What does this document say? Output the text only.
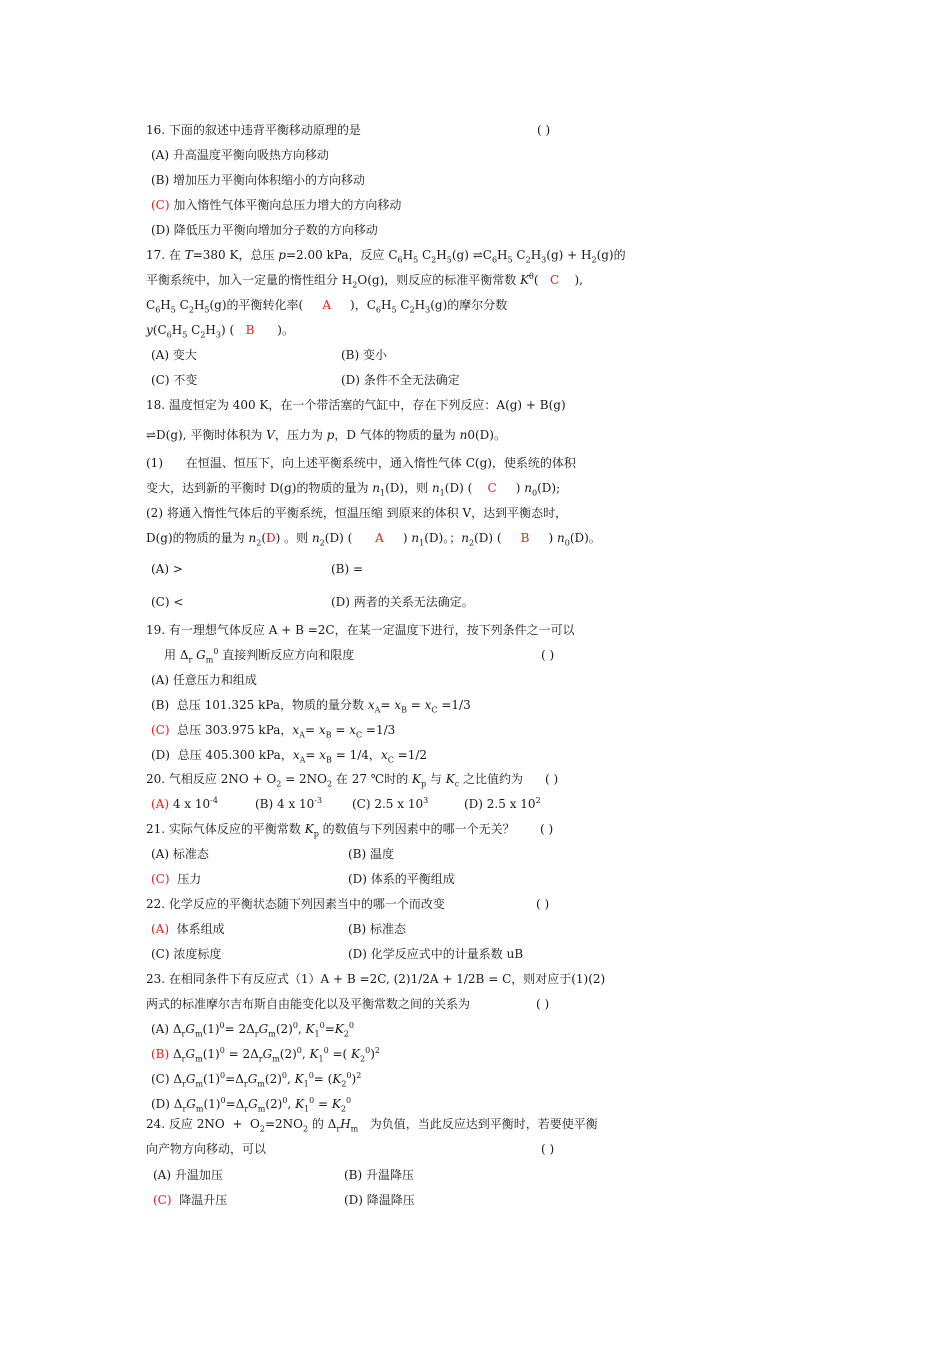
16. 下面的叙述中违背平衡移动原理的是	( )
(A) 升高温度平衡向吸热方向移动
(B) 增加压力平衡向体积缩小的方向移动
(C) 加入惰性气体平衡向总压力增大的方向移动
(D) 降低压力平衡向增加分子数的方向移动
17. 在 T=380 K，总压 p=2.00 kPa，反应 $C_6H_5$ $C_2H_5(g)$ $\rightleftharpoons C_6H_5$ $C_2H_3(g) + H_2(g)$的
平衡系统中，加入一定量的惰性组分 $H_2O(g)$，则反应的标准平衡常数 $K^\theta$(   C    ),
$C_6H_5$ $C_2H_5(g)$的平衡转化率(     A     )，$C_6H_5$ $C_2H_3(g)$的摩尔分数
$y(C_6H_5$ $C_2H_3$) (   B      )。
(A) 变大	(B) 变小
(C) 不变	(D) 条件不全无法确定
18. 温度恒定为 400 K，在一个带活塞的气缸中，存在下列反应：A(g) + B(g)
⇌D(g), 平衡时体积为 V，压力为 p，D 气体的物质的量为 n0(D)。
(1)      在恒温、恒压下，向上述平衡系统中，通入惰性气体 C(g)，使系统的体积
变大，达到新的平衡时 D(g)的物质的量为 $n_1(D)$，则 $n_1(D)$ (    C     ) $n_0(D)$;
(2) 将通入惰性气体后的平衡系统，恒温压缩 到原来的体积 V，达到平衡态时，
D(g)的物质的量为 $n_2(D)$ 。则 $n_2(D)$ (      A     ) $n_1(D)$。；$n_2(D)$ (     B     ) $n_0(D)$。
(A) >	(B) =
(C) <	(D) 两者的关系无法确定。
19. 有一理想气体反应 A + B =2C，在某一定温度下进行，按下列条件之一可以
用 $\Delta_r$ $G_m^0$ 直接判断反应方向和限度	( )
(A) 任意压力和组成
(B)  总压 101.325 kPa，物质的量分数 $x_A= x_B = x_C =1/3$
(C)  总压 303.975 kPa，$x_A= x_B = x_C =1/3$
(D)  总压 405.300 kPa，$x_A= x_B = 1/4$，$x_C =1/2$
20. 气相反应 $2NO + O_2 = 2NO_2$ 在 27 ℃时的 $K_p$ 与 $K_c$ 之比值约为 ( )
(A) 4 x $10^{-4}$	(B) 4 x $10^{-3}$ (C) 2.5 x $10^3$	(D) 2.5 x $10^2$
21. 实际气体反应的平衡常数 $K_p$ 的数值与下列因素中的哪一个无关？ ( )
(A) 标准态	(B) 温度
(C) 压力	(D) 体系的平衡组成
22. 化学反应的平衡状态随下列因素当中的哪一个而改变	( )
(A) 体系组成	(B) 标准态
(C) 浓度标度	(D) 化学反应式中的计量系数 uB
23. 在相同条件下有反应式（1）A + B =2C, (2)1/2A + 1/2B = C，则对应于(1)(2)
两式的标准摩尔吉布斯自由能变化以及平衡常数之间的关系为	( )
(A) $\Delta_rG_m(1)^0= 2\Delta_rG_m(2)^0$, $K_1^0=K_2^0$
(B) $\Delta_rG_m(1)^0 = 2\Delta_rG_m(2)^0$, $K_1^0$ =( $K_2^0)^2$
(C) $\Delta_rG_m(1)^0=\Delta_rG_m(2)^0$, $K_1^0= (K_2^0)^2$
(D) $\Delta_rG_m(1)^0=\Delta_rG_m(2)^0$, $K_1^0 = K_2^0$
24. 反应 $2NO + O_2=2NO_2$ 的 $\Delta_rH_m$   为负值，当此反应达到平衡时，若要使平衡
向产物方向移动，可以	( )
(A) 升温加压	(B) 升温降压
(C) 降温升压	(D) 降温降压
